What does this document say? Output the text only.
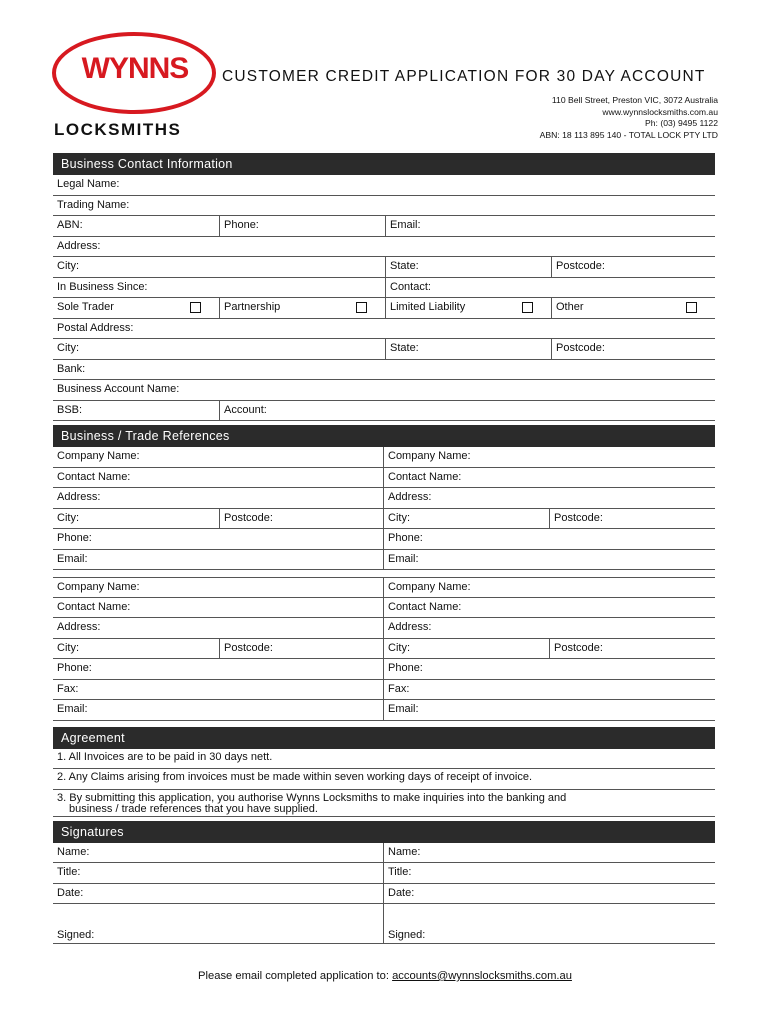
WYNNS
LOCKSMITHS
CUSTOMER CREDIT APPLICATION FOR 30 DAY ACCOUNT
110 Bell Street, Preston VIC, 3072 Australia
www.wynnslocksmiths.com.au
Ph: (03) 9495 1122
ABN: 18 113 895 140 - TOTAL LOCK PTY LTD
Business Contact Information
Legal Name:
Trading Name:
ABN:	Phone:	Email:
Address:
City:	State:	Postcode:
In Business Since:	Contact:
Sole Trader	Partnership	Limited Liability	Other
Postal Address:
City:	State:	Postcode:
Bank:
Business Account Name:
BSB:	Account:
Business / Trade References
Company Name:	Company Name:
Contact Name:	Contact Name:
Address:	Address:
City:	Postcode:	City:	Postcode:
Phone:	Phone:
Email:	Email:
Company Name:	Company Name:
Contact Name:	Contact Name:
Address:	Address:
City:	Postcode:	City:	Postcode:
Phone:	Phone:
Fax:	Fax:
Email:	Email:
Agreement
1. All Invoices are to be paid in 30 days nett.
2. Any Claims arising from invoices must be made within seven working days of receipt of invoice.
3. By submitting this application, you authorise Wynns Locksmiths to make inquiries into the banking and
business / trade references that you have supplied.
Signatures
Name:	Name:
Title:	Title:
Date:	Date:
Signed:	Signed:
Please email completed application to: accounts@wynnslocksmiths.com.au
